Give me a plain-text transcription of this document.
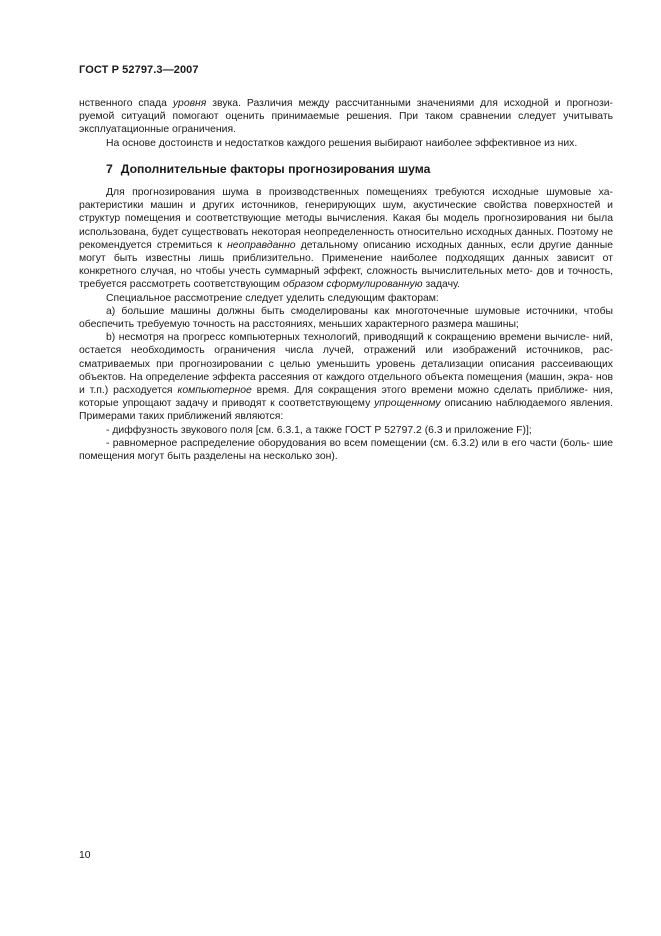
ГОСТ Р 52797.3—2007

нственного спада уровня звука. Различия между рассчитанными значениями для исходной и прогнози- руемой ситуаций помогают оценить принимаемые решения. При таком сравнении следует учитывать эксплуатационные ограничения.

На основе достоинств и недостатков каждого решения выбирают наиболее эффективное из них.

7 Дополнительные факторы прогнозирования шума

Для прогнозирования шума в производственных помещениях требуются исходные шумовые ха- рактеристики машин и других источников, генерирующих шум, акустические свойства поверхностей и структур помещения и соответствующие методы вычисления. Какая бы модель прогнозирования ни была использована, будет существовать некоторая неопределенность относительно исходных данных. Поэтому не рекомендуется стремиться к неоправданно детальному описанию исходных данных, если другие данные могут быть известны лишь приблизительно. Применение наиболее подходящих данных зависит от конкретного случая, но чтобы учесть суммарный эффект, сложность вычислительных мето- дов и точность, требуется рассмотреть соответствующим образом сформулированную задачу.

Специальное рассмотрение следует уделить следующим факторам:

а) большие машины должны быть смоделированы как многоточечные шумовые источники, чтобы обеспечить требуемую точность на расстояниях, меньших характерного размера машины;

b) несмотря на прогресс компьютерных технологий, приводящий к сокращению времени вычисле- ний, остается необходимость ограничения числа лучей, отражений или изображений источников, рас- сматриваемых при прогнозировании с целью уменьшить уровень детализации описания рассеивающих объектов. На определение эффекта рассеяния от каждого отдельного объекта помещения (машин, экра- нов и т.п.) расходуется компьютерное время. Для сокращения этого времени можно сделать приближе- ния, которые упрощают задачу и приводят к соответствующему упрощенному описанию наблюдаемого явления. Примерами таких приближений являются:

- диффузность звукового поля [см. 6.3.1, а также ГОСТ Р 52797.2 (6.3 и приложение F)];

- равномерное распределение оборудования во всем помещении (см. 6.3.2) или в его части (боль- шие помещения могут быть разделены на несколько зон).

10
